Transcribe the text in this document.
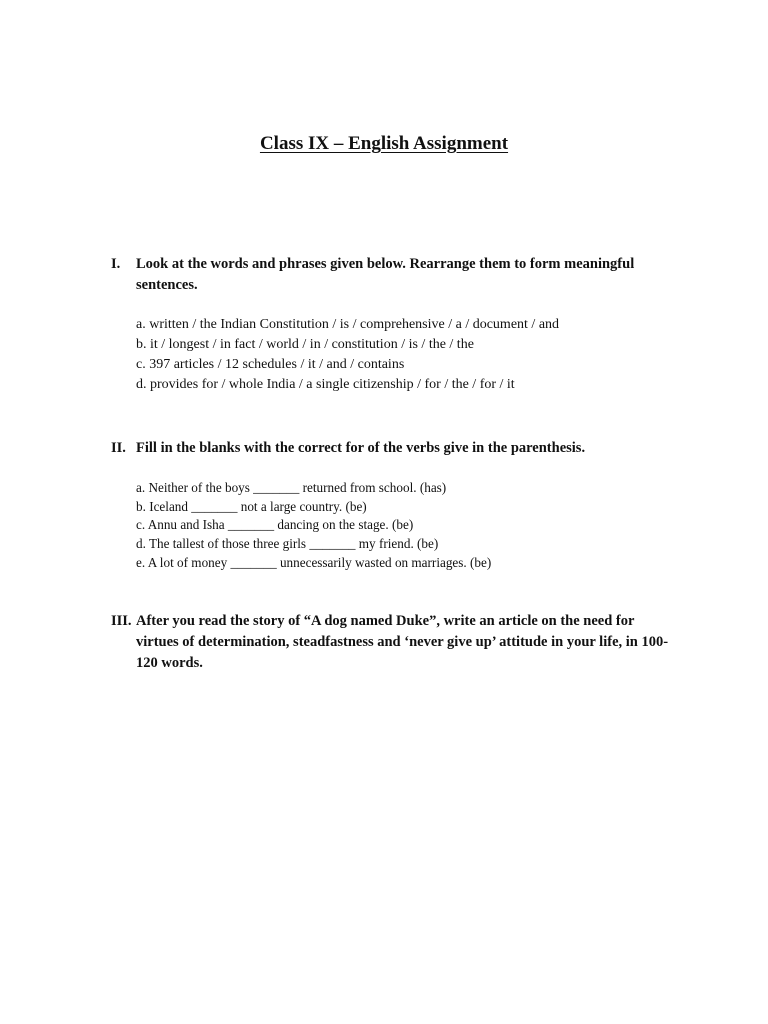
Class IX – English Assignment
I.	Look at the words and phrases given below. Rearrange them to form meaningful sentences.
a. written / the Indian Constitution / is / comprehensive / a / document / and
b. it / longest / in fact / world / in / constitution / is / the / the
c. 397 articles / 12 schedules / it / and / contains
d. provides for / whole India / a single citizenship / for / the / for / it
II. Fill in the blanks with the correct for of the verbs give in the parenthesis.
a. Neither of the boys _______ returned from school. (has)
b. Iceland _______ not a large country. (be)
c. Annu and Isha _______ dancing on the stage. (be)
d. The tallest of those three girls _______ my friend. (be)
e. A lot of money _______ unnecessarily wasted on marriages. (be)
III. After you read the story of “A dog named Duke”, write an article on the need for virtues of determination, steadfastness and ‘never give up’ attitude in your life, in 100-120 words.
